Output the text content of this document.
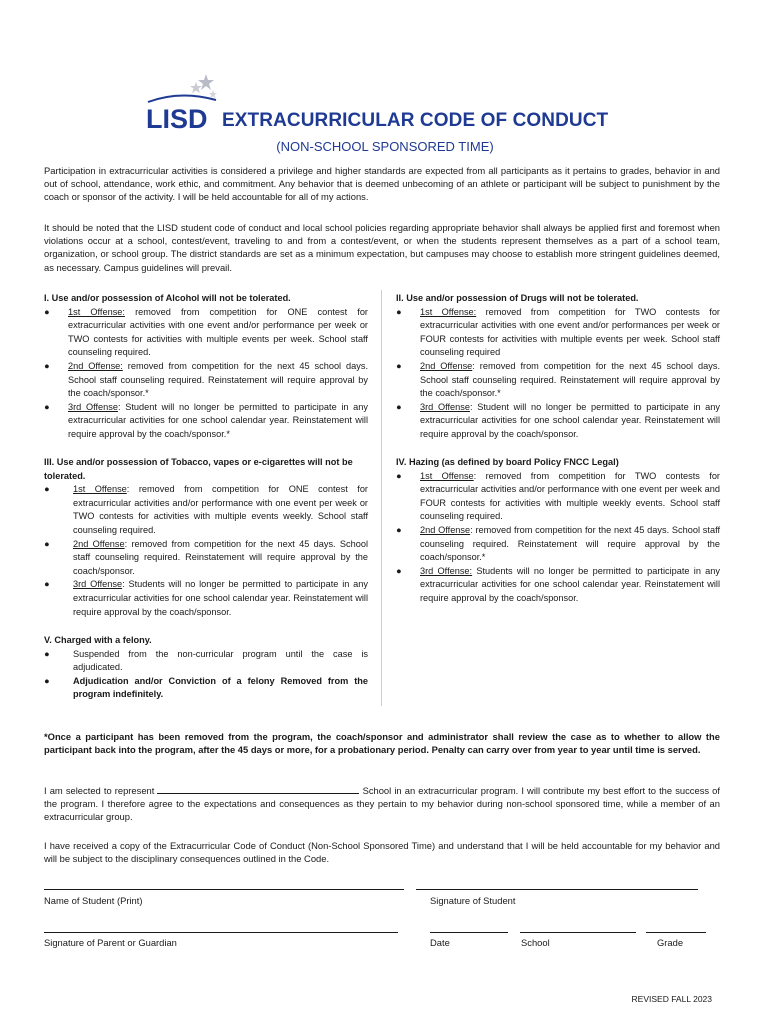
LISD EXTRACURRICULAR CODE OF CONDUCT
(NON-SCHOOL SPONSORED TIME)

Participation in extracurricular activities is considered a privilege and higher standards are expected from all participants as it pertains to grades, behavior in and out of school, attendance, work ethic, and commitment. Any behavior that is deemed unbecoming of an athlete or participant will be subject to punishment by the coach or sponsor of the activity. I will be held accountable for all of my actions.

It should be noted that the LISD student code of conduct and local school policies regarding appropriate behavior shall always be applied first and foremost when violations occur at a school, contest/event, traveling to and from a contest/event, or when the students represent themselves as a part of a school team, organization, or school group. The district standards are set as a minimum expectation, but campuses may choose to establish more stringent guidelines deemed, as necessary. Campus guidelines will prevail.

I. Use and/or possession of Alcohol will not be tolerated.

●	1st Offense: removed from competition for ONE contest for extracurricular activities with one event and/or performance per week or TWO contests for activities with multiple events per week. School staff counseling required.
●	2nd Offense: removed from competition for the next 45 school days. School staff counseling required. Reinstatement will require approval by the coach/sponsor.*
●	3rd Offense: Student will no longer be permitted to participate in any extracurricular activities for one school calendar year. Reinstatement will require approval by the coach/sponsor.*

II. Use and/or possession of Drugs will not be tolerated.

●	1st Offense: removed from competition for TWO contests for extracurricular activities with one event and/or performances per week or FOUR contests for activities with multiple events per week. School staff counseling required
●	2nd Offense: removed from competition for the next 45 school days. School staff counseling required. Reinstatement will require approval by the coach/sponsor.*
●	3rd Offense: Student will no longer be permitted to participate in any extracurricular activities for one school calendar year. Reinstatement will require approval by the coach/sponsor.

III. Use and/or possession of Tobacco, vapes or e-cigarettes will not be tolerated.

●	1st Offense: removed from competition for ONE contest for extracurricular activities and/or performance with one event per week or TWO contests for activities with multiple events weekly. School staff counseling required.
●	2nd Offense: removed from competition for the next 45 days. School staff counseling required. Reinstatement will require approval by the coach/sponsor.
●	3rd Offense: Students will no longer be permitted to participate in any extracurricular activities for one school calendar year. Reinstatement will require approval by the coach/sponsor.

IV. Hazing (as defined by board Policy FNCC Legal)

●	1st Offense: removed from competition for TWO contests for extracurricular activities and/or performance with one event per week and FOUR contests for activities with multiple weekly events. School staff counseling required.
●	2nd Offense: removed from competition for the next 45 days. School staff counseling required. Reinstatement will require approval by the coach/sponsor.*
●	3rd Offense: Students will no longer be permitted to participate in any extracurricular activities for one school calendar year. Reinstatement will require approval by the coach/sponsor.

V. Charged with a felony.

●	Suspended from the non-curricular program until the case is adjudicated.
●	Adjudication and/or Conviction of a felony Removed from the program indefinitely.

*Once a participant has been removed from the program, the coach/sponsor and administrator shall review the case as to whether to allow the participant back into the program, after the 45 days or more, for a probationary period. Penalty can carry over from year to year until time is served.

I am selected to represent	School in an extracurricular program. I will contribute my best effort to the success of the program. I therefore agree to the expectations and consequences as they pertain to my behavior during non-school sponsored time, while a member of an extracurricular group.

I have received a copy of the Extracurricular Code of Conduct (Non-School Sponsored Time) and understand that I will be held accountable for my behavior and will be subject to the disciplinary consequences outlined in the Code.

Name of Student (Print)	Signature of Student
Signature of Parent or Guardian	Date	School	Grade
REVISED FALL 2023
